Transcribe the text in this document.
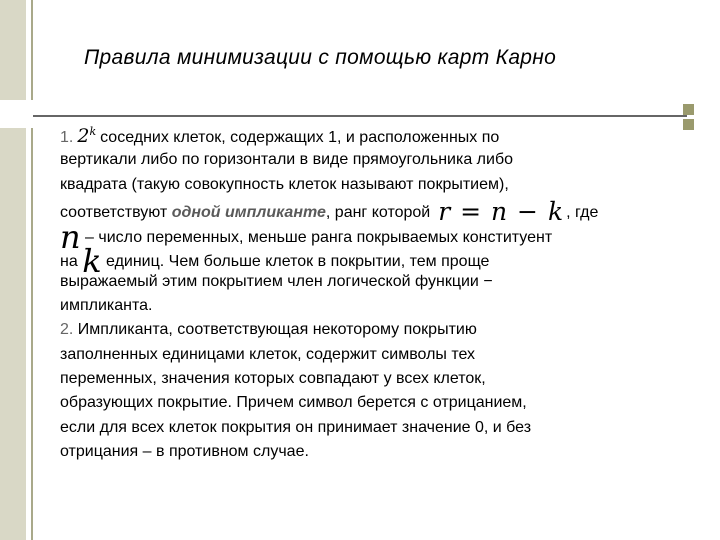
Правила минимизации с помощью карт Карно
1. 2$^k$ соседних клеток, содержащих 1, и расположенных по
вертикали либо по горизонтали в виде прямоугольника либо
квадрата (такую совокупность клеток называют покрытием),
соответствуют одной импликанте, ранг которой r = n − k , где
n – число переменных, меньше ранга покрываемых конституент
на k единиц. Чем больше клеток в покрытии, тем проще
выражаемый этим покрытием член логической функции −
импликанта.
2. Импликанта, соответствующая некоторому покрытию
заполненных единицами клеток, содержит символы тех
переменных, значения которых совпадают у всех клеток,
образующих покрытие. Причем символ берется с отрицанием,
если для всех клеток покрытия он принимает значение 0, и без
отрицания – в противном случае.
